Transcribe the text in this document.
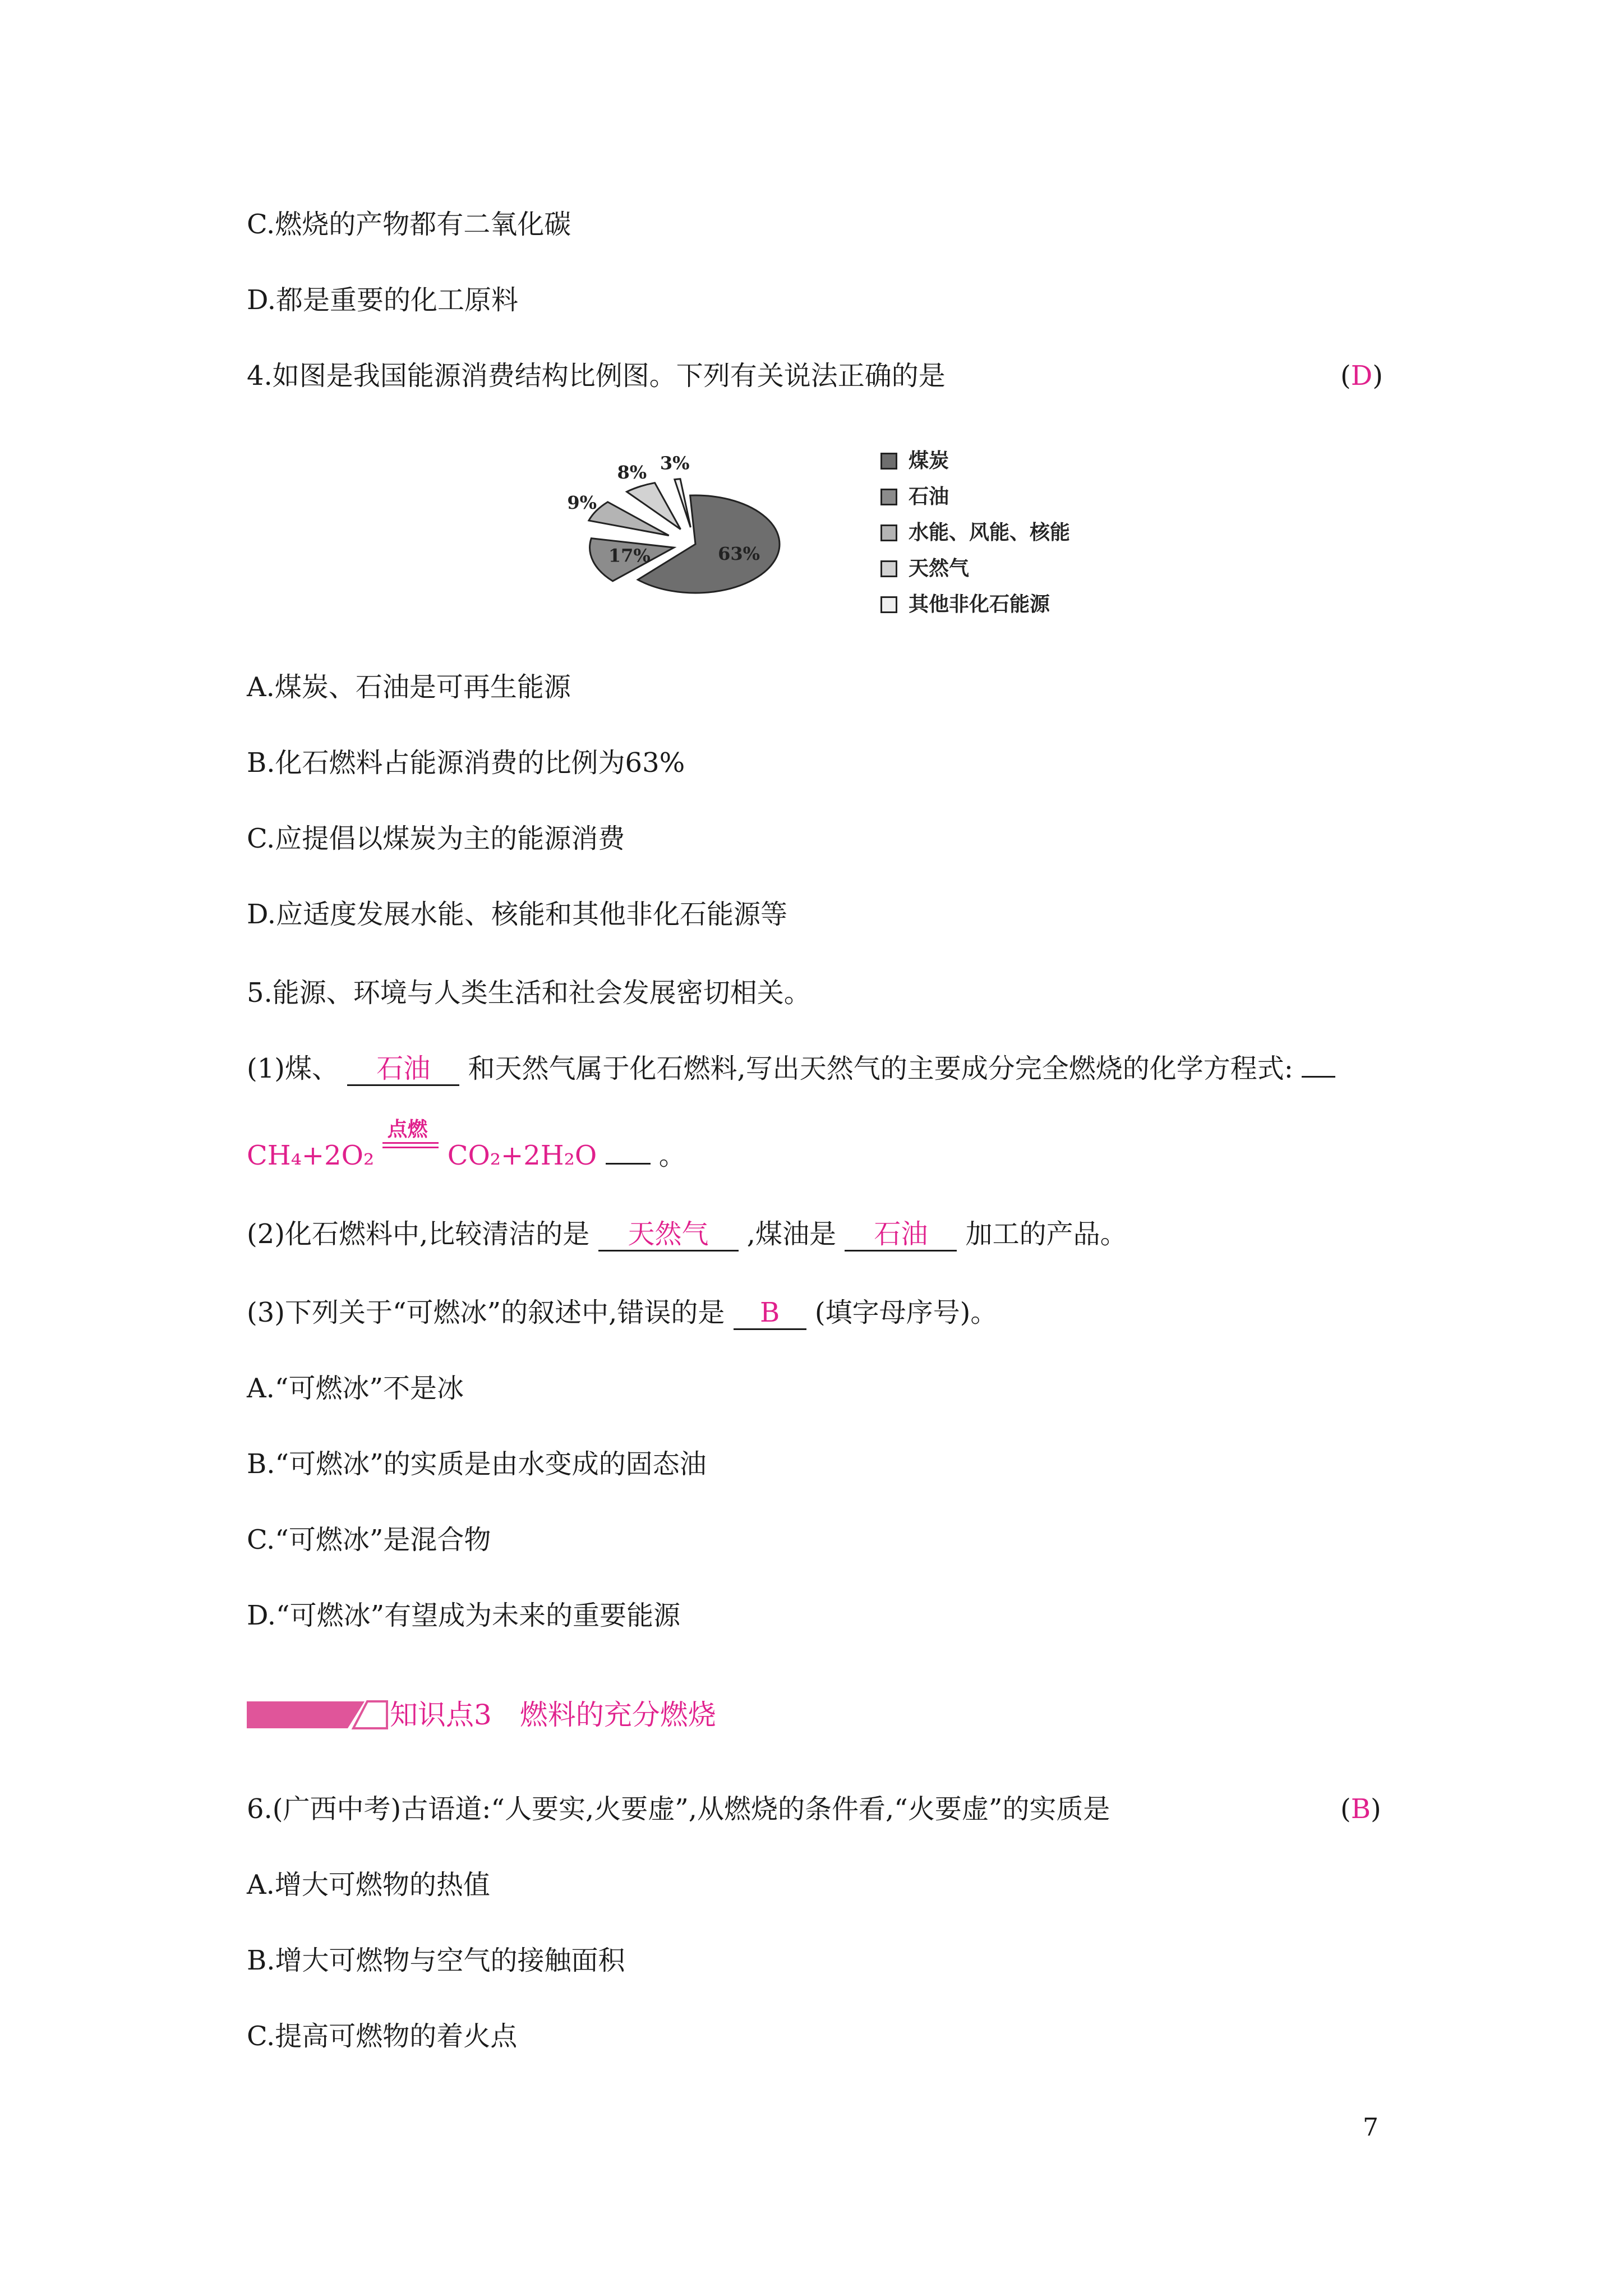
C.燃烧的产物都有二氧化碳
D.都是重要的化工原料
4.如图是我国能源消费结构比例图。下列有关说法正确的是	(D)
63%
17%
9%
8% 3%	煤炭
石油
水能、风能、核能
天然气
其他非化石能源
A.煤炭、石油是可再生能源
B.化石燃料占能源消费的比例为63%
C.应提倡以煤炭为主的能源消费
D.应适度发展水能、核能和其他非化石能源等
5.能源、环境与人类生活和社会发展密切相关。
(1)煤、 石油 和天然气属于化石燃料,写出天然气的主要成分完全燃烧的化学方程式:
CH₄+2O₂
点燃
CO₂+2H₂O 。
(2)化石燃料中,比较清洁的是 天然气 ,煤油是 石油 加工的产品。
(3)下列关于“可燃冰”的叙述中,错误的是 B (填字母序号)。
A.“可燃冰”不是冰
B.“可燃冰”的实质是由水变成的固态油
C.“可燃冰”是混合物
D.“可燃冰”有望成为未来的重要能源
知识点3　燃料的充分燃烧
6.(广西中考)古语道:“人要实,火要虚”,从燃烧的条件看,“火要虚”的实质是	(B)
A.增大可燃物的热值
B.增大可燃物与空气的接触面积
C.提高可燃物的着火点
7
